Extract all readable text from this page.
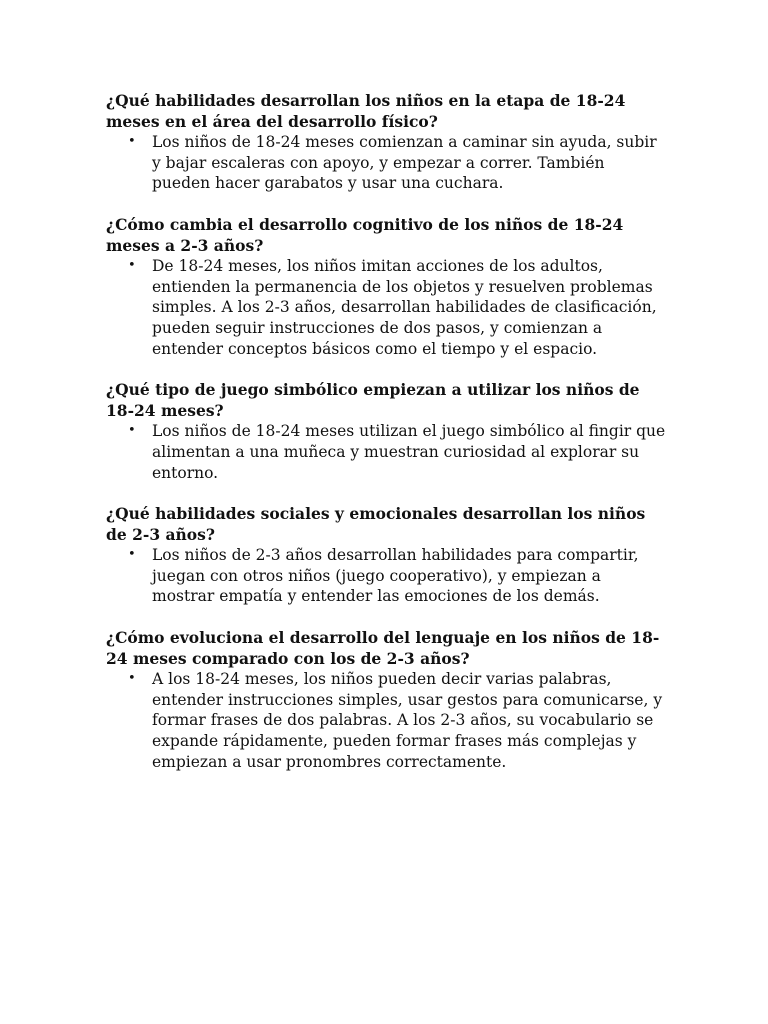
¿Qué habilidades desarrollan los niños en la etapa de 18-24 meses en el área del desarrollo físico?

• Los niños de 18-24 meses comienzan a caminar sin ayuda, subir y bajar escaleras con apoyo, y empezar a correr. También pueden hacer garabatos y usar una cuchara.

¿Cómo cambia el desarrollo cognitivo de los niños de 18-24 meses a 2-3 años?

• De 18-24 meses, los niños imitan acciones de los adultos, entienden la permanencia de los objetos y resuelven problemas simples. A los 2-3 años, desarrollan habilidades de clasificación, pueden seguir instrucciones de dos pasos, y comienzan a entender conceptos básicos como el tiempo y el espacio.

¿Qué tipo de juego simbólico empiezan a utilizar los niños de 18-24 meses?

• Los niños de 18-24 meses utilizan el juego simbólico al fingir que alimentan a una muñeca y muestran curiosidad al explorar su entorno.

¿Qué habilidades sociales y emocionales desarrollan los niños de 2-3 años?

• Los niños de 2-3 años desarrollan habilidades para compartir, juegan con otros niños (juego cooperativo), y empiezan a mostrar empatía y entender las emociones de los demás.

¿Cómo evoluciona el desarrollo del lenguaje en los niños de 18-24 meses comparado con los de 2-3 años?

• A los 18-24 meses, los niños pueden decir varias palabras, entender instrucciones simples, usar gestos para comunicarse, y formar frases de dos palabras. A los 2-3 años, su vocabulario se expande rápidamente, pueden formar frases más complejas y empiezan a usar pronombres correctamente.
